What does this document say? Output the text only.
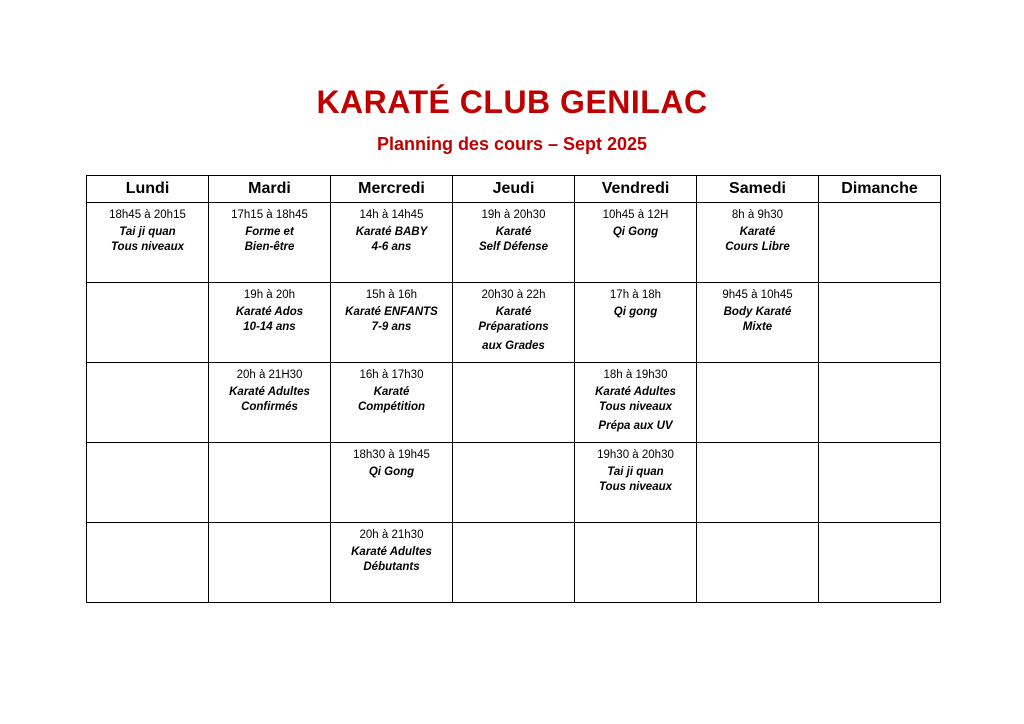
KARATÉ CLUB GENILAC
Planning des cours – Sept 2025
Lundi	Mardi	Mercredi	Jeudi	Vendredi	Samedi	Dimanche

18h45 à 20h15
Tai ji quan
Tous niveaux	17h15 à 18h45
Forme et
Bien-être	14h à 14h45
Karaté BABY
4-6 ans	19h à 20h30
Karaté
Self Défense	10h45 à 12H
Qi Gong	8h à 9h30
Karaté
Cours Libre	

	19h à 20h
Karaté Ados
10-14 ans	15h à 16h
Karaté ENFANTS
7-9 ans	20h30 à 22h
Karaté
Préparations
aux Grades	17h à 18h
Qi gong	9h45 à 10h45
Body Karaté
Mixte	

	20h à 21H30
Karaté Adultes
Confirmés	16h à 17h30
Karaté
Compétition		18h à 19h30
Karaté Adultes
Tous niveaux
Prépa aux UV		

		18h30 à 19h45
Qi Gong		19h30 à 20h30
Tai ji quan
Tous niveaux		

		20h à 21h30
Karaté Adultes
Débutants				
